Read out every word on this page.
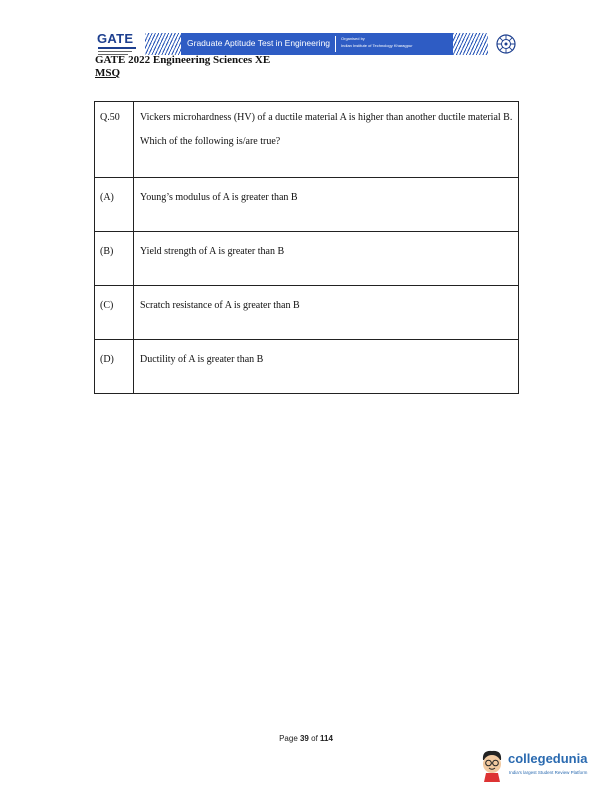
GATE	Graduate Aptitude Test in Engineering	Organised by
Indian Institute of Technology Kharagpur
GATE 2022 Engineering Sciences XE
MSQ
Q.50	Vickers microhardness (HV) of a ductile material A is higher than another ductile material B. Which of the following is/are true?

(A)	Young’s modulus of A is greater than B
(B)	Yield strength of A is greater than B
(C)	Scratch resistance of A is greater than B
(D)	Ductility of A is greater than B
Page 39 of 114
collegedunia
India's largest Student Review Platform
